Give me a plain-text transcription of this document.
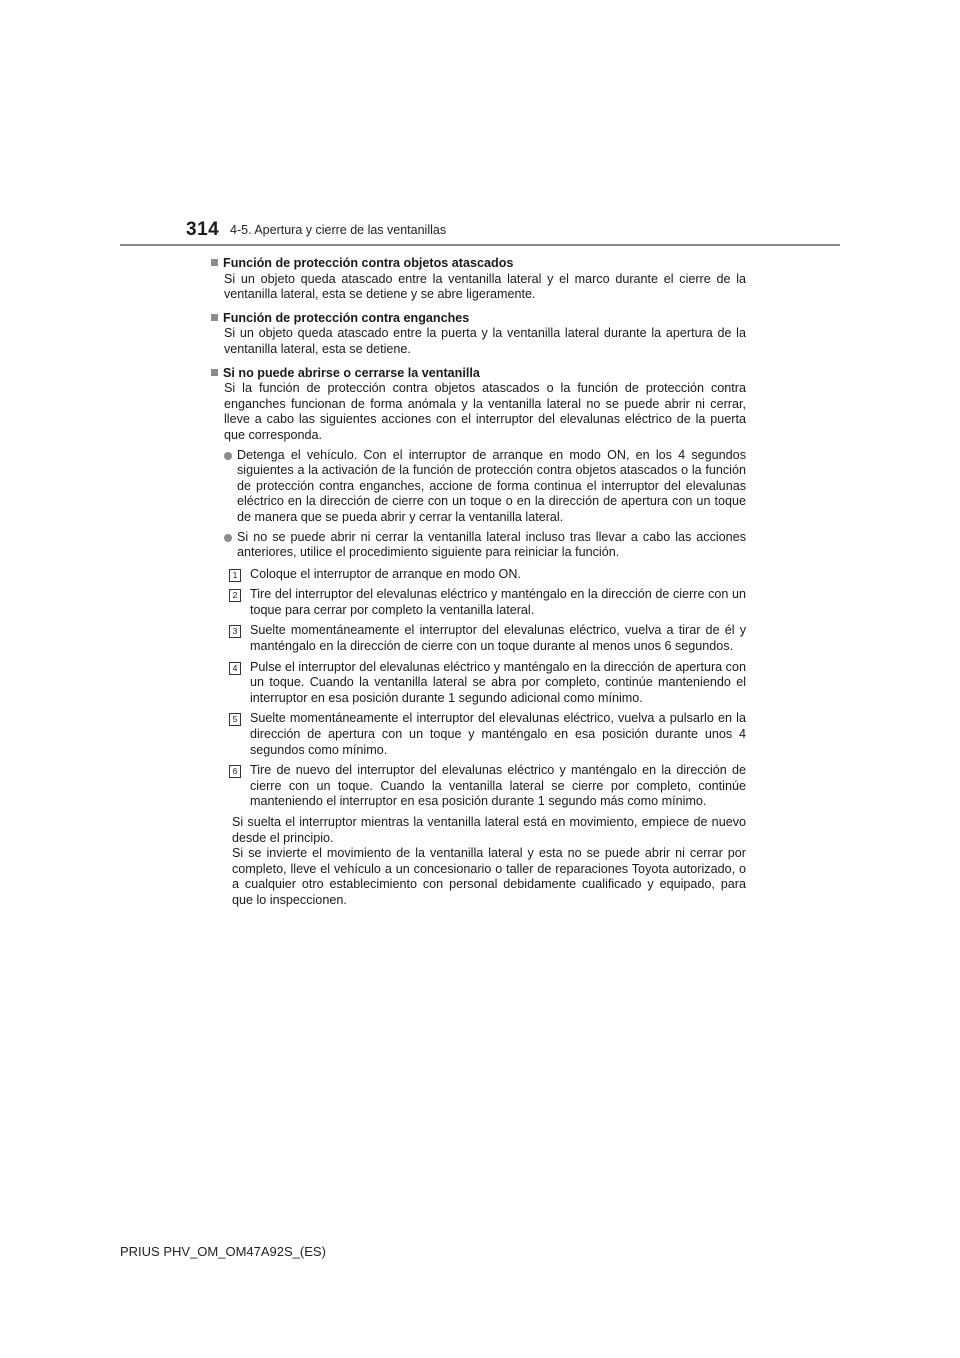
314 4-5. Apertura y cierre de las ventanillas
Función de protección contra objetos atascados
Si un objeto queda atascado entre la ventanilla lateral y el marco durante el cierre de la ventanilla lateral, esta se detiene y se abre ligeramente.
Función de protección contra enganches
Si un objeto queda atascado entre la puerta y la ventanilla lateral durante la apertura de la ventanilla lateral, esta se detiene.
Si no puede abrirse o cerrarse la ventanilla
Si la función de protección contra objetos atascados o la función de protección contra enganches funcionan de forma anómala y la ventanilla lateral no se puede abrir ni cerrar, lleve a cabo las siguientes acciones con el interruptor del elevalunas eléctrico de la puerta que corresponda.
Detenga el vehículo. Con el interruptor de arranque en modo ON, en los 4 segundos siguientes a la activación de la función de protección contra objetos atascados o la función de protección contra enganches, accione de forma continua el interruptor del elevalunas eléctrico en la dirección de cierre con un toque o en la dirección de apertura con un toque de manera que se pueda abrir y cerrar la ventanilla lateral.
Si no se puede abrir ni cerrar la ventanilla lateral incluso tras llevar a cabo las acciones anteriores, utilice el procedimiento siguiente para reiniciar la función.
1 Coloque el interruptor de arranque en modo ON.
2 Tire del interruptor del elevalunas eléctrico y manténgalo en la dirección de cierre con un toque para cerrar por completo la ventanilla lateral.
3 Suelte momentáneamente el interruptor del elevalunas eléctrico, vuelva a tirar de él y manténgalo en la dirección de cierre con un toque durante al menos unos 6 segundos.
4 Pulse el interruptor del elevalunas eléctrico y manténgalo en la dirección de apertura con un toque. Cuando la ventanilla lateral se abra por completo, continúe manteniendo el interruptor en esa posición durante 1 segundo adicional como mínimo.
5 Suelte momentáneamente el interruptor del elevalunas eléctrico, vuelva a pulsarlo en la dirección de apertura con un toque y manténgalo en esa posición durante unos 4 segundos como mínimo.
6 Tire de nuevo del interruptor del elevalunas eléctrico y manténgalo en la dirección de cierre con un toque. Cuando la ventanilla lateral se cierre por completo, continúe manteniendo el interruptor en esa posición durante 1 segundo más como mínimo.
Si suelta el interruptor mientras la ventanilla lateral está en movimiento, empiece de nuevo desde el principio.
Si se invierte el movimiento de la ventanilla lateral y esta no se puede abrir ni cerrar por completo, lleve el vehículo a un concesionario o taller de reparaciones Toyota autorizado, o a cualquier otro establecimiento con personal debidamente cualificado y equipado, para que lo inspeccionen.
PRIUS PHV_OM_OM47A92S_(ES)
